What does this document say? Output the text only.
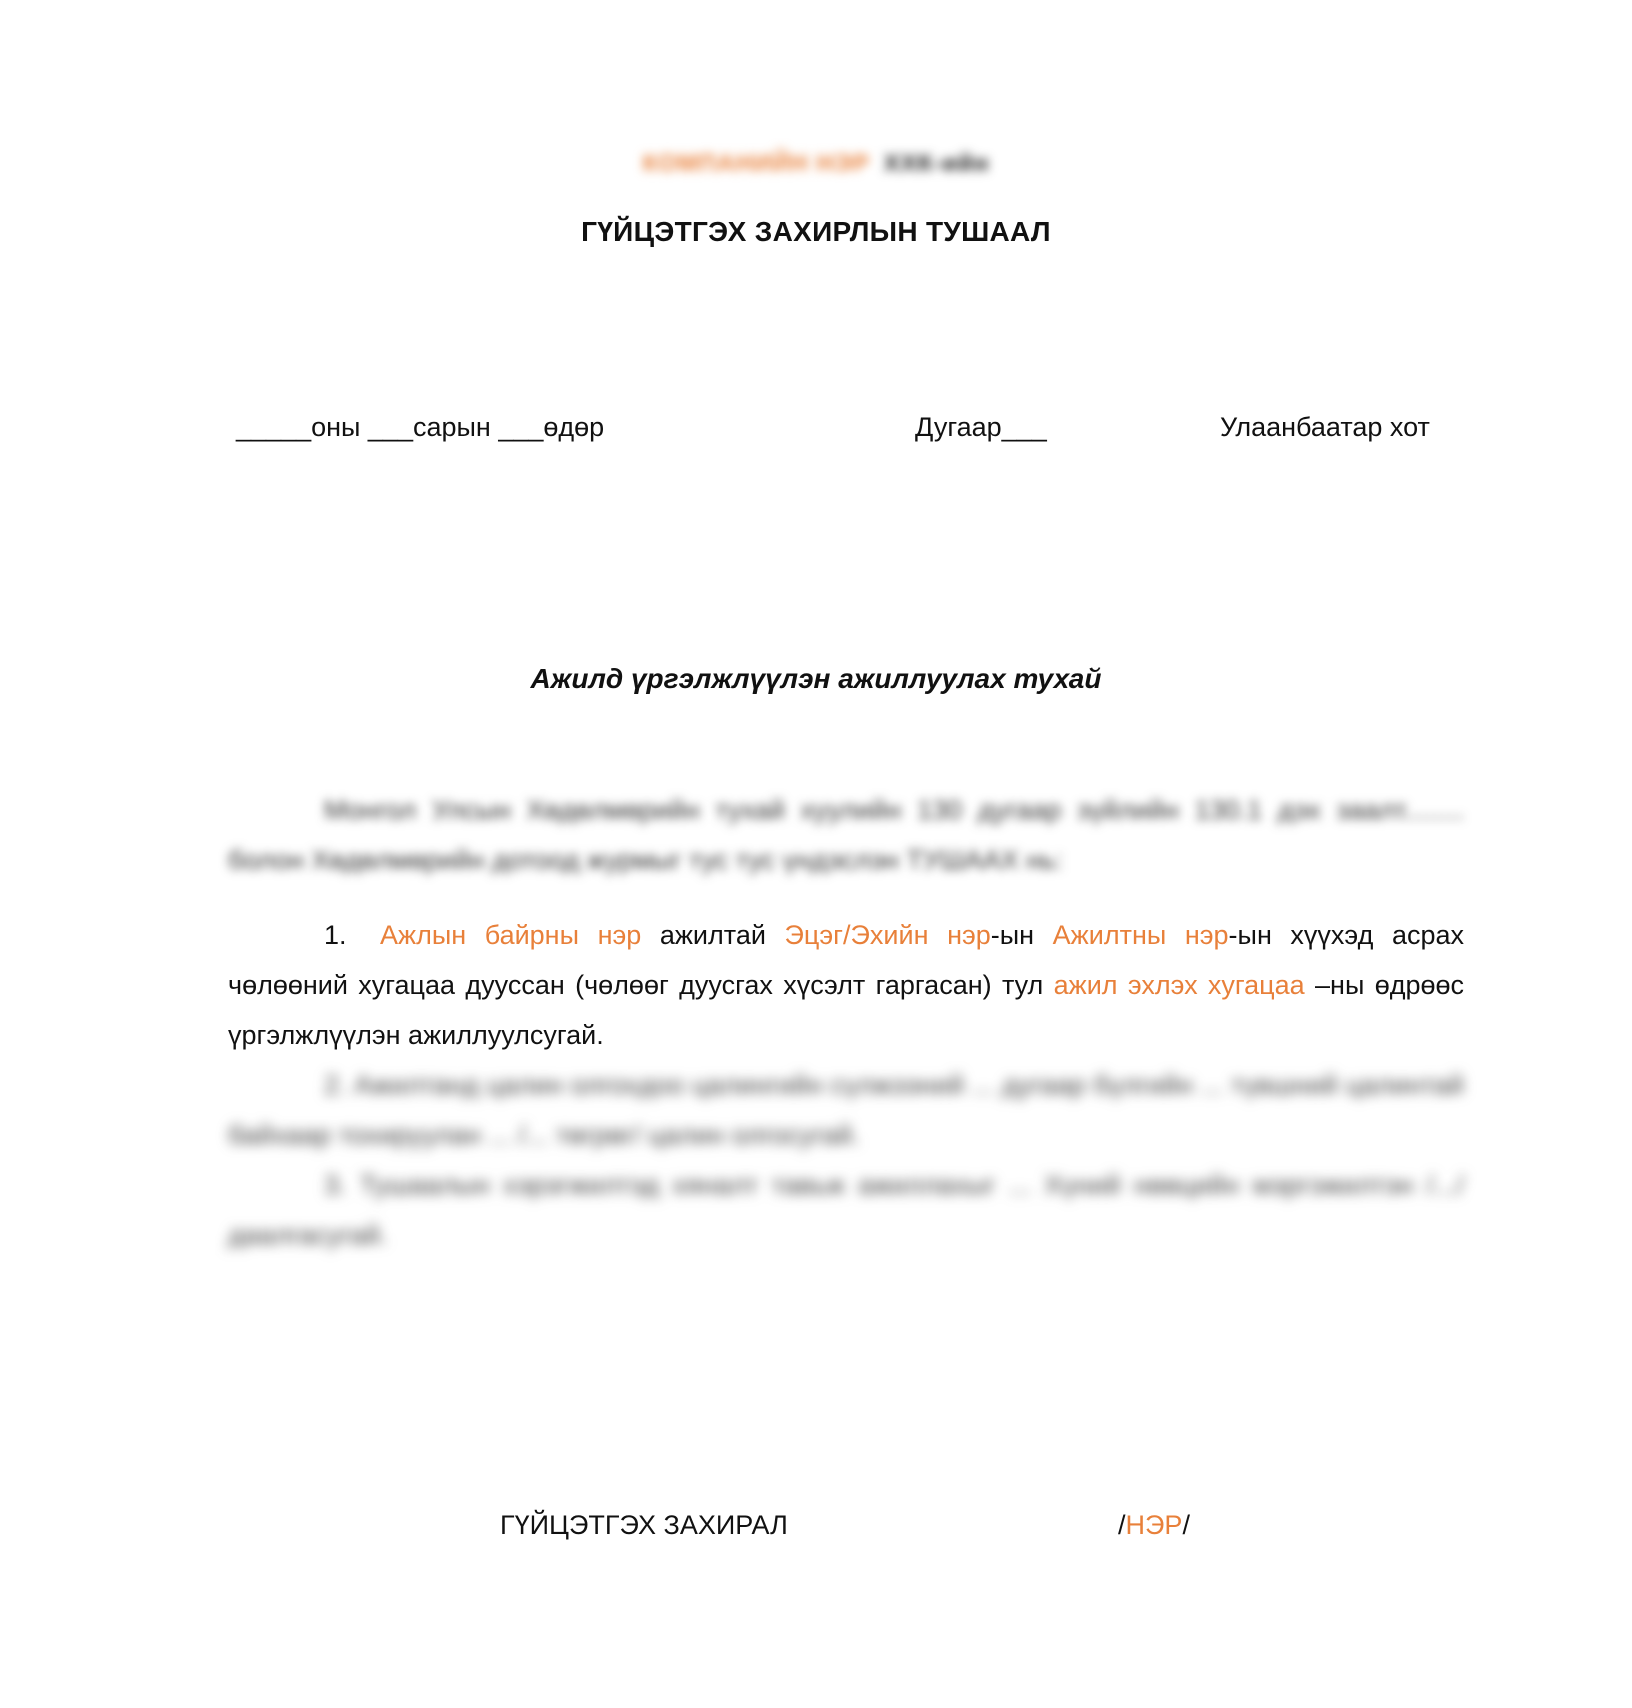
КОМПАНИЙН НЭР ХХК-ийн
ГҮЙЦЭТГЭХ ЗАХИРЛЫН ТУШААЛ
_____оны ___сарын ___өдөр	Дугаар___	Улаанбаатар хот
Ажилд үргэлжлүүлэн ажиллуулах тухай
Монгол Улсын Хөдөлмөрийн тухай хуулийн 130 дугаар зүйлийн 130.1 дэх заалт........ болон Хөдөлмөрийн дотоод журмыг тус тус үндэслэн ТУШААХ нь:
1. Ажлын байрны нэр ажилтай Эцэг/Эхийн нэр-ын Ажилтны нэр-ын хүүхэд асрах чөлөөний хугацаа дууссан (чөлөөг дуусгах хүсэлт гаргасан) тул ажил эхлэх хугацаа –ны өдрөөс үргэлжлүүлэн ажиллуулсугай.
2. Ажилтанд цалин олгохдоо цалингийн сүлжээний ... дугаар бүлгийн ... түвшний цалинтай байхаар тохируулан ... /... төгрөг/ цалин олгосугай.
3. Тушаалын хэрэгжилтэд хяналт тавьж ажиллахыг ... Хүний нөөцийн мэргэжилтэн /.../ даалгасугай.
ГҮЙЦЭТГЭХ ЗАХИРАЛ	/НЭР/
